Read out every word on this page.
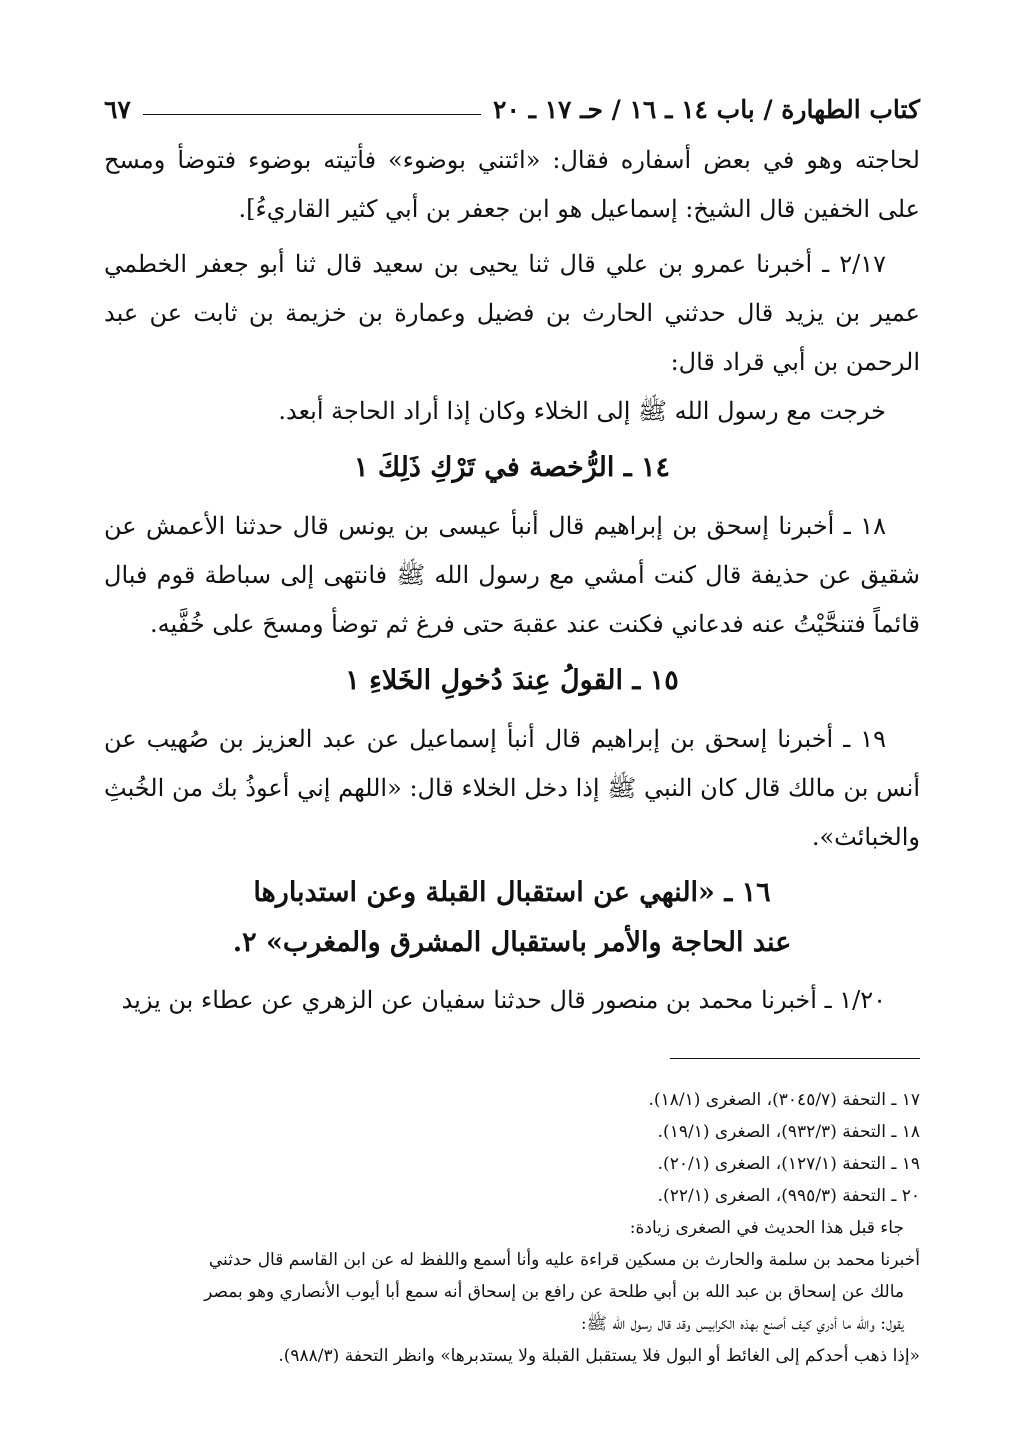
كتاب الطهارة / باب ١٤ ـ ١٦ / حـ ١٧ ـ ٢٠
٦٧

لحاجته وهو في بعض أسفاره فقال: «ائتني بوضوء» فأتيته بوضوء فتوضأ ومسح على الخفين قال الشيخ: إسماعيل هو ابن جعفر بن أبي كثير القاريءُ].

٢/١٧ ـ أخبرنا عمرو بن علي قال ثنا يحيى بن سعيد قال ثنا أبو جعفر الخطمي عمير بن يزيد قال حدثني الحارث بن فضيل وعمارة بن خزيمة بن ثابت عن عبد الرحمن بن أبي قراد قال:

خرجت مع رسول الله ﷺ إلى الخلاء وكان إذا أراد الحاجة أبعد.

١٤ ـ الرُّخصة في تَرْكِ ذَلِكَ ١

١٨ ـ أخبرنا إسحق بن إبراهيم قال أنبأ عيسى بن يونس قال حدثنا الأعمش عن شقيق عن حذيفة قال كنت أمشي مع رسول الله ﷺ فانتهى إلى سباطة قوم فبال قائماً فتنحَّيْتُ عنه فدعاني فكنت عند عقبهَ حتى فرغ ثم توضأ ومسحَ على خُفَّيه.

١٥ ـ القولُ عِندَ دُخولِ الخَلاءِ ١

١٩ ـ أخبرنا إسحق بن إبراهيم قال أنبأ إسماعيل عن عبد العزيز بن صُهيب عن أنس بن مالك قال كان النبي ﷺ إذا دخل الخلاء قال: «اللهم إني أعوذُ بك من الخُبثِ والخبائث».

١٦ ـ «النهي عن استقبال القبلة وعن استدبارها
عند الحاجة والأمر باستقبال المشرق والمغرب» ٢.

١/٢٠ ـ أخبرنا محمد بن منصور قال حدثنا سفيان عن الزهري عن عطاء بن يزيد

١٧ ـ التحفة (٣٠٤٥/٧)، الصغرى (١٨/١).

١٨ ـ التحفة (٩٣٢/٣)، الصغرى (١٩/١).

١٩ ـ التحفة (١٢٧/١)، الصغرى (٢٠/١).

٢٠ ـ التحفة (٩٩٥/٣)، الصغرى (٢٢/١).

جاء قبل هذا الحديث في الصغرى زيادة:

أخبرنا محمد بن سلمة والحارث بن مسكين قراءة عليه وأنا أسمع واللفظ له عن ابن القاسم قال حدثني

مالك عن إسحاق بن عبد الله بن أبي طلحة عن رافع بن إسحاق أنه سمع أبا أيوب الأنصاري وهو بمصر

يقول: والله ما أدري كيف أصنع بهذه الكرابيس وقد قال رسول الله ﷺ:

«إذا ذهب أحدكم إلى الغائط أو البول فلا يستقبل القبلة ولا يستدبرها» وانظر التحفة (٩٨٨/٣).
